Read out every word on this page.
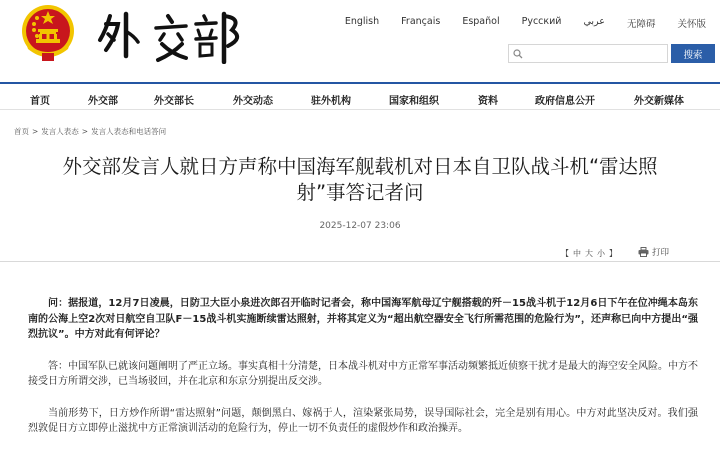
English Français Español Русский عربي 无障碍 关怀版
搜索
首页	外交部	外交部长	外交动态	驻外机构	国家和组织	资料	政府信息公开	外交新媒体
首页 > 发言人表态 > 发言人表态和电话答问
外交部发言人就日方声称中国海军舰载机对日本自卫队战斗机“雷达照
射”事答记者问
2025-12-07 23:06
【 中 大 小 】	打印

问：据报道，12月7日凌晨，日防卫大臣小泉进次郎召开临时记者会，称中国海军航母辽宁舰搭载的歼－15战斗机于12月6日下午在位冲绳本岛东南的公海上空2次对日航空自卫队F－15战斗机实施断续雷达照射，并将其定义为“超出航空器安全飞行所需范围的危险行为”，还声称已向中方提出“强烈抗议”。中方对此有何评论？

答：中国军队已就该问题阐明了严正立场。事实真相十分清楚，日本战斗机对中方正常军事活动频繁抵近侦察干扰才是最大的海空安全风险。中方不接受日方所谓交涉，已当场驳回，并在北京和东京分别提出反交涉。

当前形势下，日方炒作所谓“雷达照射”问题，颠倒黑白、嫁祸于人，渲染紧张局势，误导国际社会，完全是别有用心。中方对此坚决反对。我们强烈敦促日方立即停止滋扰中方正常演训活动的危险行为，停止一切不负责任的虚假炒作和政治操弄。
